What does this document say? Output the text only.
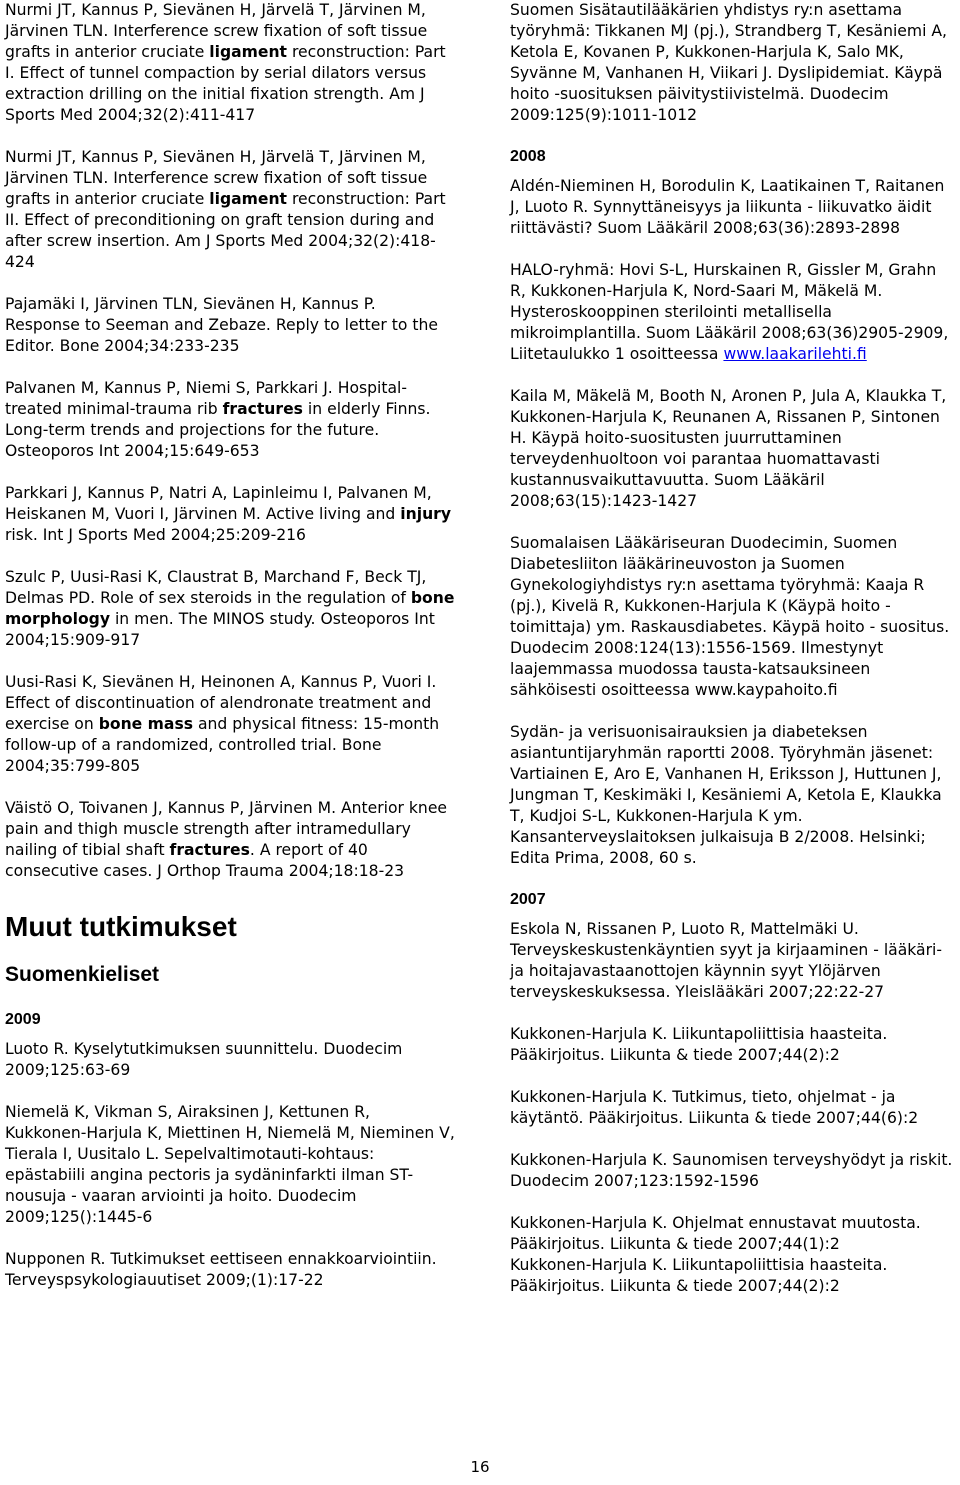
Nurmi JT, Kannus P, Sievänen H, Järvelä T, Järvinen M, Järvinen TLN. Interference screw fixation of soft tissue grafts in anterior cruciate ligament reconstruction: Part I. Effect of tunnel compaction by serial dilators versus extraction drilling on the initial fixation strength. Am J Sports Med 2004;32(2):411-417
Nurmi JT, Kannus P, Sievänen H, Järvelä T, Järvinen M, Järvinen TLN. Interference screw fixation of soft tissue grafts in anterior cruciate ligament reconstruction: Part II. Effect of preconditioning on graft tension during and after screw insertion. Am J Sports Med 2004;32(2):418-424
Pajamäki I, Järvinen TLN, Sievänen H, Kannus P. Response to Seeman and Zebaze. Reply to letter to the Editor. Bone 2004;34:233-235
Palvanen M, Kannus P, Niemi S, Parkkari J. Hospital-treated minimal-trauma rib fractures in elderly Finns. Long-term trends and projections for the future. Osteoporos Int 2004;15:649-653
Parkkari J, Kannus P, Natri A, Lapinleimu I, Palvanen M, Heiskanen M, Vuori I, Järvinen M. Active living and injury risk. Int J Sports Med 2004;25:209-216
Szulc P, Uusi-Rasi K, Claustrat B, Marchand F, Beck TJ, Delmas PD. Role of sex steroids in the regulation of bone morphology in men. The MINOS study. Osteoporos Int 2004;15:909-917
Uusi-Rasi K, Sievänen H, Heinonen A, Kannus P, Vuori I. Effect of discontinuation of alendronate treatment and exercise on bone mass and physical fitness: 15-month follow-up of a randomized, controlled trial. Bone 2004;35:799-805
Väistö O, Toivanen J, Kannus P, Järvinen M. Anterior knee pain and thigh muscle strength after intramedullary nailing of tibial shaft fractures. A report of 40 consecutive cases. J Orthop Trauma 2004;18:18-23
Muut tutkimukset
Suomenkieliset
2009
Luoto R. Kyselytutkimuksen suunnittelu. Duodecim 2009;125:63-69
Niemelä K, Vikman S, Airaksinen J, Kettunen R, Kukkonen-Harjula K, Miettinen H, Niemelä M, Nieminen V, Tierala I, Uusitalo L. Sepelvaltimotauti-kohtaus: epästabiili angina pectoris ja sydäninfarkti ilman ST-nousuja - vaaran arviointi ja hoito. Duodecim 2009;125():1445-6
Nupponen R. Tutkimukset eettiseen ennakkoarviointiin. Terveyspsykologiauutiset 2009;(1):17-22
Suomen Sisätautilääkärien yhdistys ry:n asettama työryhmä: Tikkanen MJ (pj.), Strandberg T, Kesäniemi A, Ketola E, Kovanen P, Kukkonen-Harjula K, Salo MK, Syvänne M, Vanhanen H, Viikari J. Dyslipidemiat. Käypä hoito -suosituksen päivitystiivistelmä. Duodecim 2009:125(9):1011-1012
2008
Aldén-Nieminen H, Borodulin K, Laatikainen T, Raitanen J, Luoto R. Synnyttäneisyys ja liikunta - liikuvatko äidit riittävästi? Suom Lääkäril 2008;63(36):2893-2898
HALO-ryhmä: Hovi S-L, Hurskainen R, Gissler M, Grahn R, Kukkonen-Harjula K, Nord-Saari M, Mäkelä M. Hysteroskooppinen sterilointi metallisella mikroimplantilla. Suom Lääkäril 2008;63(36)2905-2909, Liitetaulukko 1 osoitteessa www.laakarilehti.fi
Kaila M, Mäkelä M, Booth N, Aronen P, Jula A, Klaukka T, Kukkonen-Harjula K, Reunanen A, Rissanen P, Sintonen H. Käypä hoito-suositusten juurruttaminen terveydenhuoltoon voi parantaa huomattavasti kustannusvaikuttavuutta. Suom Lääkäril 2008;63(15):1423-1427
Suomalaisen Lääkäriseuran Duodecimin, Suomen Diabetesliiton lääkärineuvoston ja Suomen Gynekologiyhdistys ry:n asettama työryhmä: Kaaja R (pj.), Kivelä R, Kukkonen-Harjula K (Käypä hoito - toimittaja) ym. Raskausdiabetes. Käypä hoito - suositus. Duodecim 2008:124(13):1556-1569. Ilmestynyt laajemmassa muodossa tausta-katsauksineen sähköisesti osoitteessa www.kaypahoito.fi
Sydän- ja verisuonisairauksien ja diabeteksen asiantuntijaryhmän raportti 2008. Työryhmän jäsenet: Vartiainen E, Aro E, Vanhanen H, Eriksson J, Huttunen J, Jungman T, Keskimäki I, Kesäniemi A, Ketola E, Klaukka T, Kudjoi S-L, Kukkonen-Harjula K ym. Kansanterveyslaitoksen julkaisuja B 2/2008. Helsinki; Edita Prima, 2008, 60 s.
2007
Eskola N, Rissanen P, Luoto R, Mattelmäki U. Terveyskeskustenkäyntien syyt ja kirjaaminen - lääkäri- ja hoitajavastaanottojen käynnin syyt Ylöjärven terveyskeskuksessa. Yleislääkäri 2007;22:22-27
Kukkonen-Harjula K. Liikuntapoliittisia haasteita. Pääkirjoitus. Liikunta & tiede 2007;44(2):2
Kukkonen-Harjula K. Tutkimus, tieto, ohjelmat - ja käytäntö. Pääkirjoitus. Liikunta & tiede 2007;44(6):2
Kukkonen-Harjula K. Saunomisen terveyshyödyt ja riskit. Duodecim 2007;123:1592-1596
Kukkonen-Harjula K. Ohjelmat ennustavat muutosta. Pääkirjoitus. Liikunta & tiede 2007;44(1):2
Kukkonen-Harjula K. Liikuntapoliittisia haasteita. Pääkirjoitus. Liikunta & tiede 2007;44(2):2
16
